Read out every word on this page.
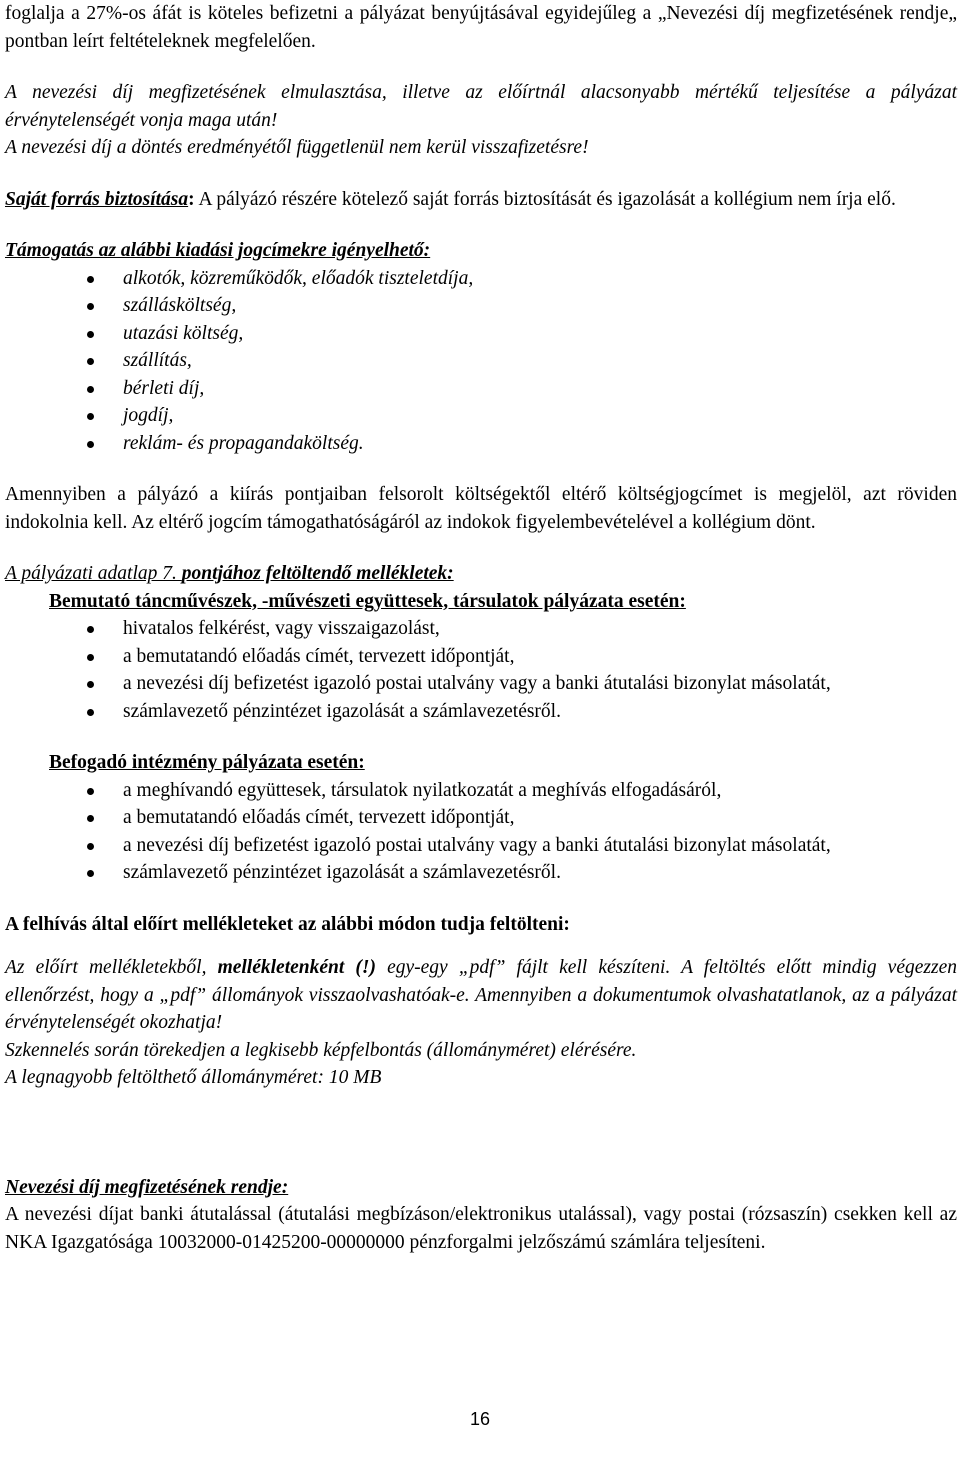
foglalja a 27%-os áfát is köteles befizetni a pályázat benyújtásával egyidejűleg a „Nevezési díj megfizetésének rendje„ pontban leírt feltételeknek megfelelően.

A nevezési díj megfizetésének elmulasztása, illetve az előírtnál alacsonyabb mértékű teljesítése a pályázat érvénytelenségét vonja maga után!

A nevezési díj a döntés eredményétől függetlenül nem kerül visszafizetésre!

Saját forrás biztosítása: A pályázó részére kötelező saját forrás biztosítását és igazolását a kollégium nem írja elő.

Támogatás az alábbi kiadási jogcímekre igényelhető:

alkotók, közreműködők, előadók tiszteletdíja,
szállásköltség,
utazási költség,
szállítás,
bérleti díj,
jogdíj,
reklám- és propagandaköltség.

Amennyiben a pályázó a kiírás pontjaiban felsorolt költségektől eltérő költségjogcímet is megjelöl, azt röviden indokolnia kell. Az eltérő jogcím támogathatóságáról az indokok figyelembevételével a kollégium dönt.

A pályázati adatlap 7. pontjához feltöltendő mellékletek:

Bemutató táncművészek, -művészeti együttesek, társulatok pályázata esetén:

hivatalos felkérést, vagy visszaigazolást,
a bemutatandó előadás címét, tervezett időpontját,
a nevezési díj befizetést igazoló postai utalvány vagy a banki átutalási bizonylat másolatát,
számlavezető pénzintézet igazolását a számlavezetésről.

Befogadó intézmény pályázata esetén:

a meghívandó együttesek, társulatok nyilatkozatát a meghívás elfogadásáról,
a bemutatandó előadás címét, tervezett időpontját,
a nevezési díj befizetést igazoló postai utalvány vagy a banki átutalási bizonylat másolatát,
számlavezető pénzintézet igazolását a számlavezetésről.

A felhívás által előírt mellékleteket az alábbi módon tudja feltölteni:

Az előírt mellékletekből, mellékletenként (!) egy-egy „pdf” fájlt kell készíteni. A feltöltés előtt mindig végezzen ellenőrzést, hogy a „pdf” állományok visszaolvashatóak-e. Amennyiben a dokumentumok olvashatatlanok, az a pályázat érvénytelenségét okozhatja!

Szkennelés során törekedjen a legkisebb képfelbontás (állományméret) elérésére.

A legnagyobb feltölthető állományméret: 10 MB

Nevezési díj megfizetésének rendje:

A nevezési díjat banki átutalással (átutalási megbízáson/elektronikus utalással), vagy postai (rózsaszín) csekken kell az NKA Igazgatósága 10032000-01425200-00000000 pénzforgalmi jelzőszámú számlára teljesíteni.

16
